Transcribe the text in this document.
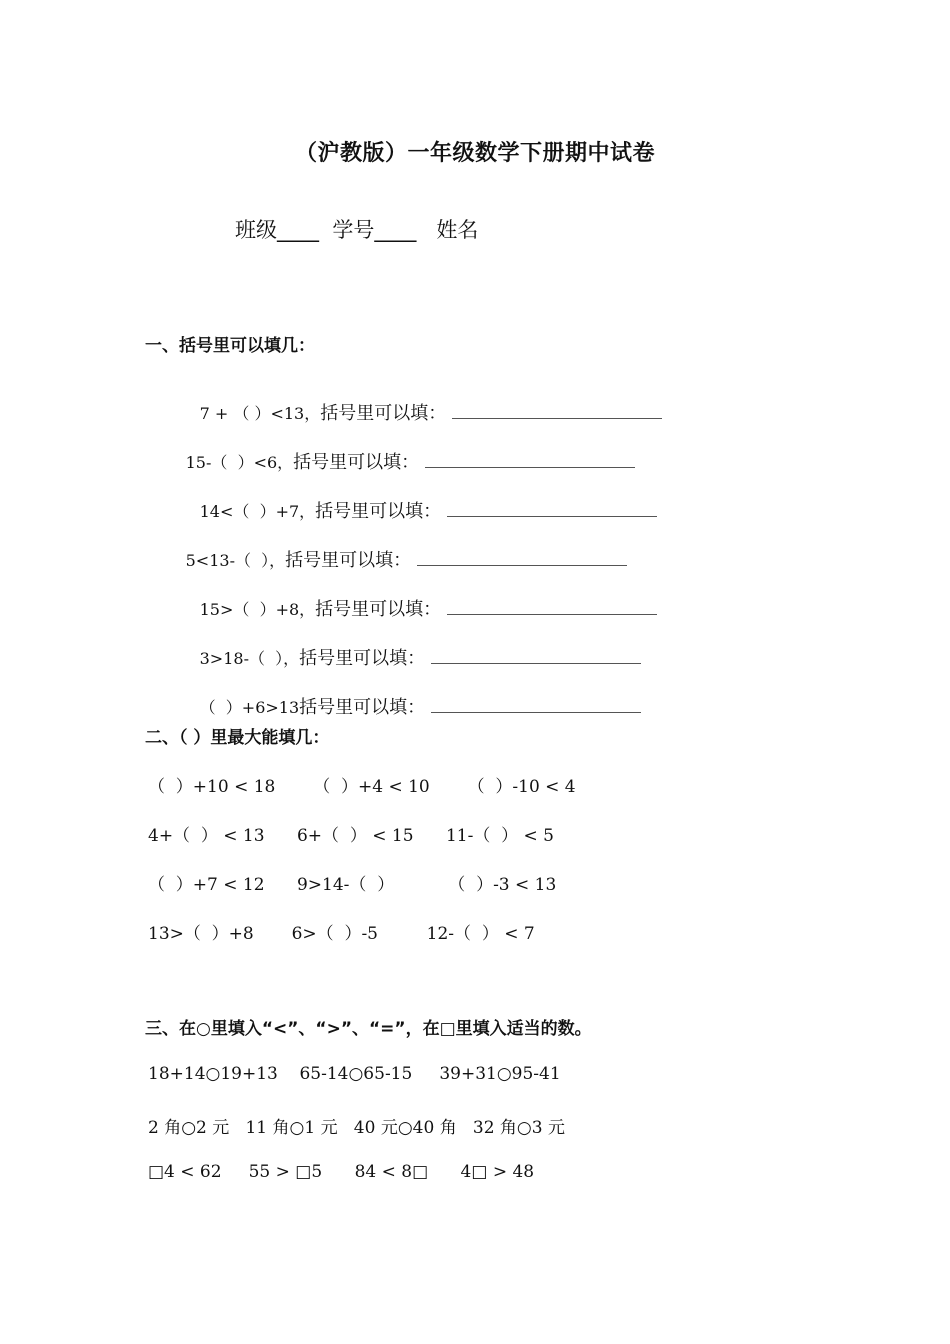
（沪教版）一年级数学下册期中试卷
班级____  学号____   姓名
一、括号里可以填几：

7 + （ ）<13，括号里可以填：

15-（  ）<6，括号里可以填：

14<（  ）+7，括号里可以填：

5<13-（  ），括号里可以填：

15>（  ）+8，括号里可以填：

3>18-（  ），括号里可以填：

（  ）+6>13括号里可以填：

二、（ ）里最大能填几：
（  ）+10 < 18       （  ）+4 < 10       （  ）-10 < 4
4+（  ） < 13      6+（  ） < 15      11-（  ） < 5
（  ）+7 < 12      9>14-（  ）          （  ）-3 < 13
13>（  ）+8       6>（  ）-5         12-（  ） < 7
三、在○里填入“<”、“>”、“=”，在□里填入适当的数。
18+14○19+13    65-14○65-15     39+31○95-41
2 角○2 元   11 角○1 元   40 元○40 角   32 角○3 元
□4 < 62     55 > □5      84 < 8□      4□ > 48
